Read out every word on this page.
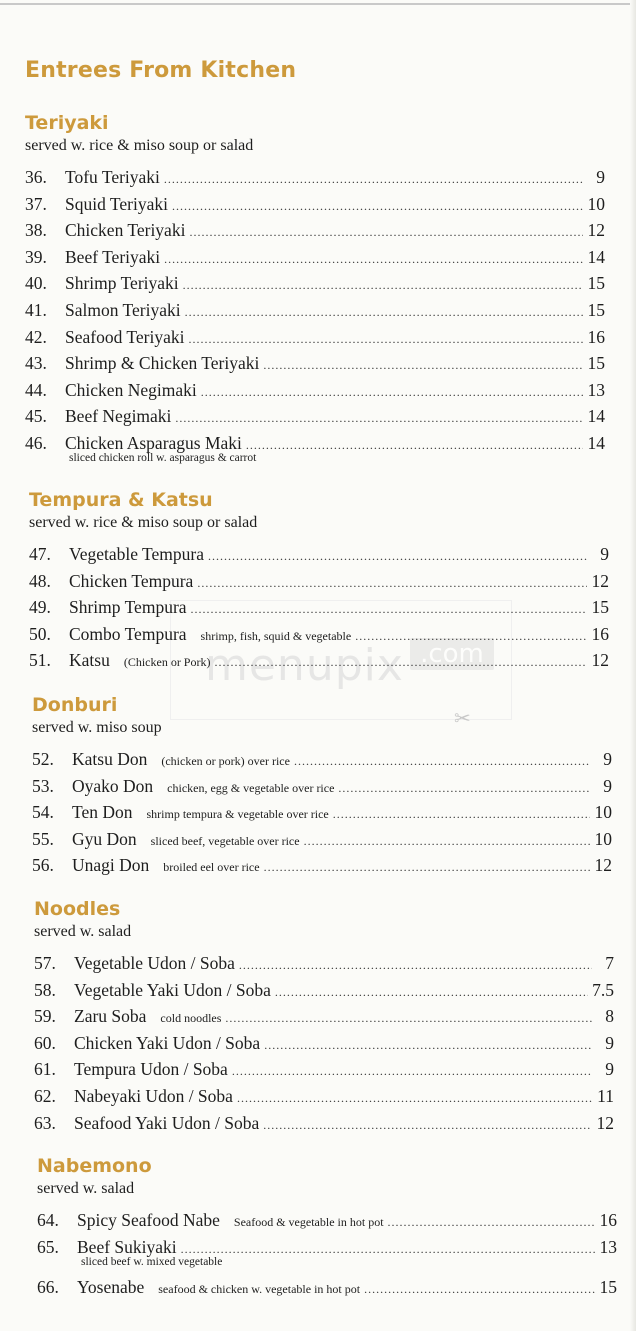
Entrees From Kitchen
menupix .com
✂
Teriyaki
served w. rice & miso soup or salad
36.	Tofu Teriyaki .....	9
37.	Squid Teriyaki .....	10
38.	Chicken Teriyaki .....	12
39.	Beef Teriyaki .....	14
40.	Shrimp Teriyaki .....	15
41.	Salmon Teriyaki .....	15
42.	Seafood Teriyaki .....	16
43.	Shrimp & Chicken Teriyaki .....	15
44.	Chicken Negimaki .....	13
45.	Beef Negimaki .....	14
46.	Chicken Asparagus Maki .....	14
sliced chicken roll w. asparagus & carrot
Tempura & Katsu
served w. rice & miso soup or salad
47.	Vegetable Tempura .....	9
48.	Chicken Tempura .....	12
49.	Shrimp Tempura .....	15
50.	Combo Tempura shrimp, fish, squid & vegetable .....	16
51.	Katsu (Chicken or Pork) .....	12
Donburi
served w. miso soup
52.	Katsu Don (chicken or pork) over rice .....	9
53.	Oyako Don chicken, egg & vegetable over rice .....	9
54.	Ten Don shrimp tempura & vegetable over rice .....	10
55.	Gyu Don sliced beef, vegetable over rice .....	10
56.	Unagi Don broiled eel over rice .....	12
Noodles
served w. salad
57.	Vegetable Udon / Soba .....	7
58.	Vegetable Yaki Udon / Soba .....	7.5
59.	Zaru Soba cold noodles .....	8
60.	Chicken Yaki Udon / Soba .....	9
61.	Tempura Udon / Soba .....	9
62.	Nabeyaki Udon / Soba .....	11
63.	Seafood Yaki Udon / Soba .....	12
Nabemono
served w. salad
64.	Spicy Seafood Nabe Seafood & vegetable in hot pot .....	16
65.	Beef Sukiyaki .....	13
sliced beef w. mixed vegetable
66.	Yosenabe seafood & chicken w. vegetable in hot pot .....	15
